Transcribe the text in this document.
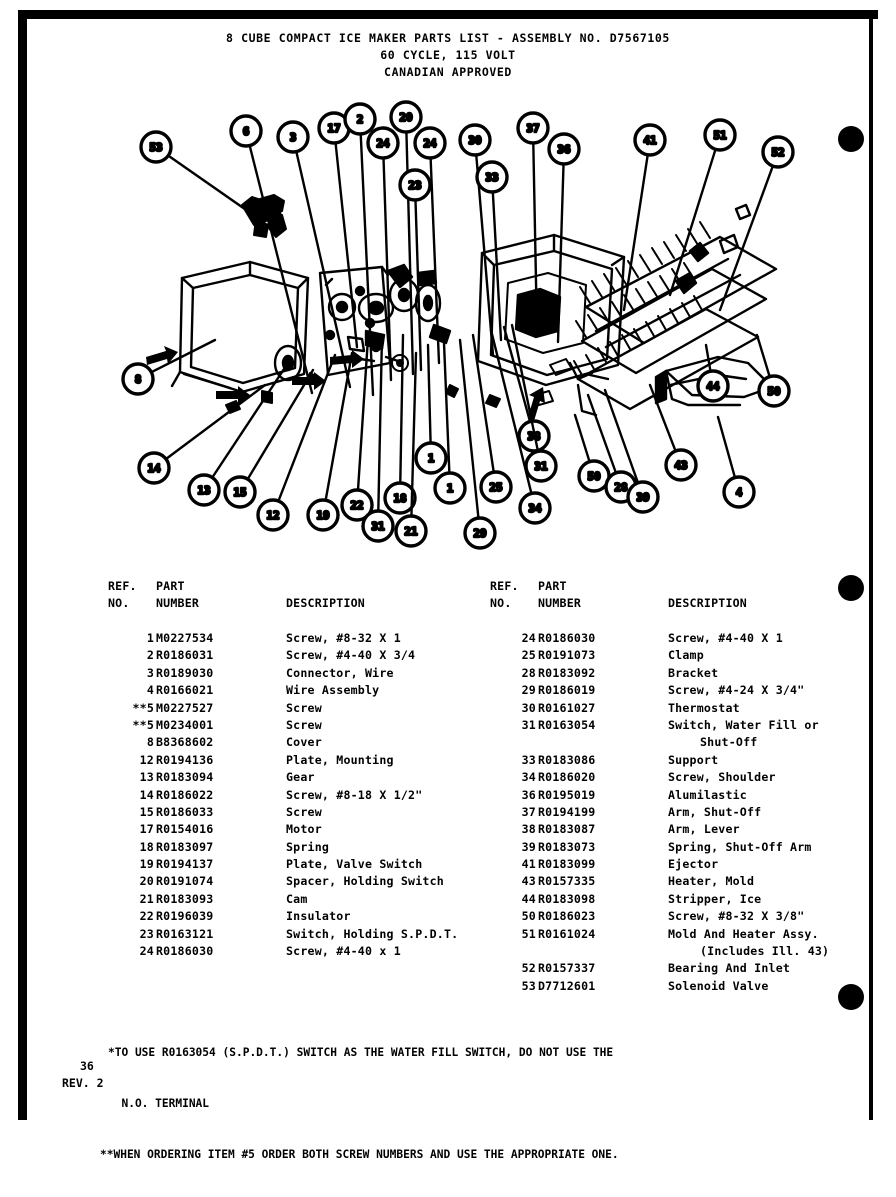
8 CUBE COMPACT ICE MAKER PARTS LIST - ASSEMBLY NO. D7567105
60 CYCLE, 115 VOLT
CANADIAN APPROVED
53
6	3
17
2
24
20
23
24	30
33
37
36
41	51
52
8
14
13 15
12	19
22
31
18
21
1
1
29
25
34
38
31
50
28
39
43
44	50
4
REF.
NO.
PART
NUMBER	DESCRIPTION
1 M0227534	Screw, #8-32 X 1
2 R0186031	Screw, #4-40 X 3/4
3 R0189030	Connector, Wire
4 R0166021	Wire Assembly
**5 M0227527	Screw
**5 M0234001	Screw
8 B8368602	Cover
12 R0194136	Plate, Mounting
13 R0183094	Gear
14 R0186022	Screw, #8-18 X 1/2"
15 R0186033	Screw
17 R0154016	Motor
18 R0183097	Spring
19 R0194137	Plate, Valve Switch
20 R0191074	Spacer, Holding Switch
21 R0183093	Cam
22 R0196039	Insulator
23 R0163121	Switch, Holding S.P.D.T.
24 R0186030	Screw, #4-40 x 1
REF.
NO.
PART
NUMBER	DESCRIPTION
24 R0186030	Screw, #4-40 X 1
25 R0191073	Clamp
28 R0183092	Bracket
29 R0186019	Screw, #4-24 X 3/4"
30 R0161027	Thermostat
31 R0163054	Switch, Water Fill or
Shut-Off
33 R0183086	Support
34 R0186020	Screw, Shoulder
36 R0195019	Alumilastic
37 R0194199	Arm, Shut-Off
38 R0183087	Arm, Lever
39 R0183073	Spring, Shut-Off Arm
41 R0183099	Ejector
43 R0157335	Heater, Mold
44 R0183098	Stripper, Ice
50 R0186023	Screw, #8-32 X 3/8"
51 R0161024	Mold And Heater Assy.
(Includes Ill. 43)
52 R0157337	Bearing And Inlet
53 D7712601	Solenoid Valve

*TO USE R0163054 (S.P.D.T.) SWITCH AS THE WATER FILL SWITCH, DO NOT USE THE

N.O. TERMINAL

**WHEN ORDERING ITEM #5 ORDER BOTH SCREW NUMBERS AND USE THE APPROPRIATE ONE.

36
REV. 2
